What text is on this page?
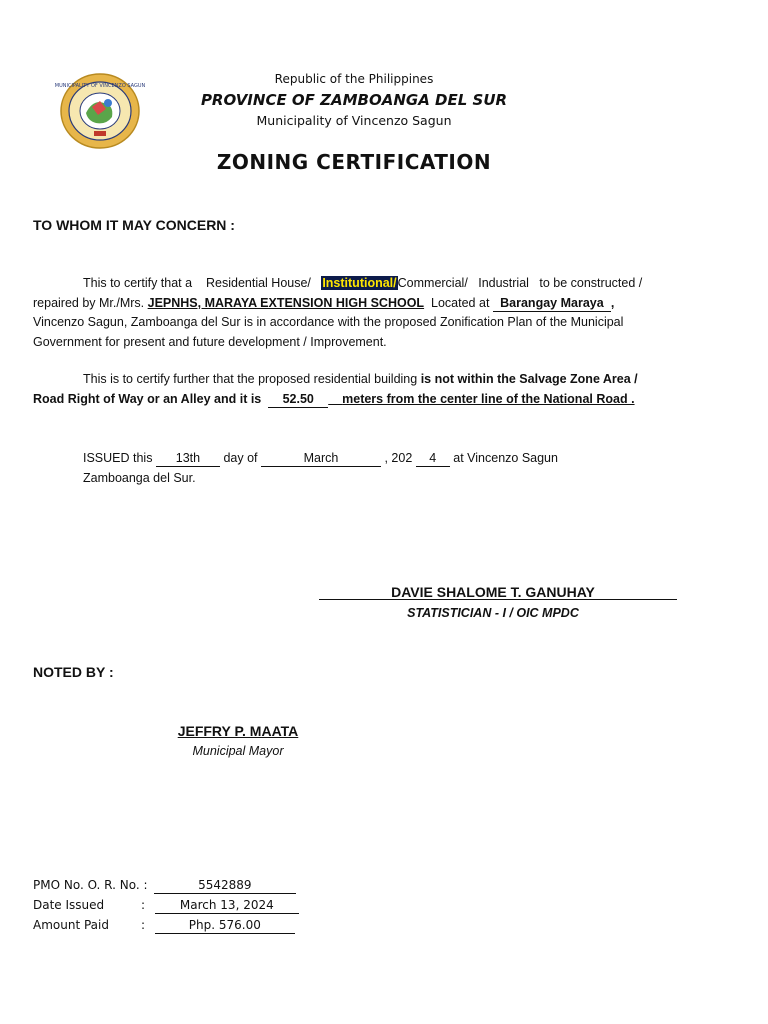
MUNICIPALITY OF VINCENZO SAGUN	Republic of the Philippines
PROVINCE OF ZAMBOANGA DEL SUR
Municipality of Vincenzo Sagun
ZONING CERTIFICATION
TO WHOM IT MAY CONCERN :
This to certify that a Residential House/ Institutional/Commercial/ Industrial to be constructed /
repaired by Mr./Mrs. JEPNHS, MARAYA EXTENSION HIGH SCHOOL Located at Barangay Maraya ,
Vincenzo Sagun, Zamboanga del Sur is in accordance with the proposed Zonification Plan of the Municipal Government for present and future development / Improvement.
This is to certify further that the proposed residential building is not within the Salvage Zone Area /
Road Right of Way or an Alley and it is 52.50 meters from the center line of the National Road .
ISSUED this 13th day of	March	, 202 4 at Vincenzo Sagun
Zamboanga del Sur.
DAVIE SHALOME T. GANUHAY
STATISTICIAN - I / OIC MPDC
NOTED BY :
JEFFRY P. MAATA
Municipal Mayor
PMO No. O. R. No. :	5542889
Date Issued	:	March 13, 2024
Amount Paid	:	Php. 576.00
